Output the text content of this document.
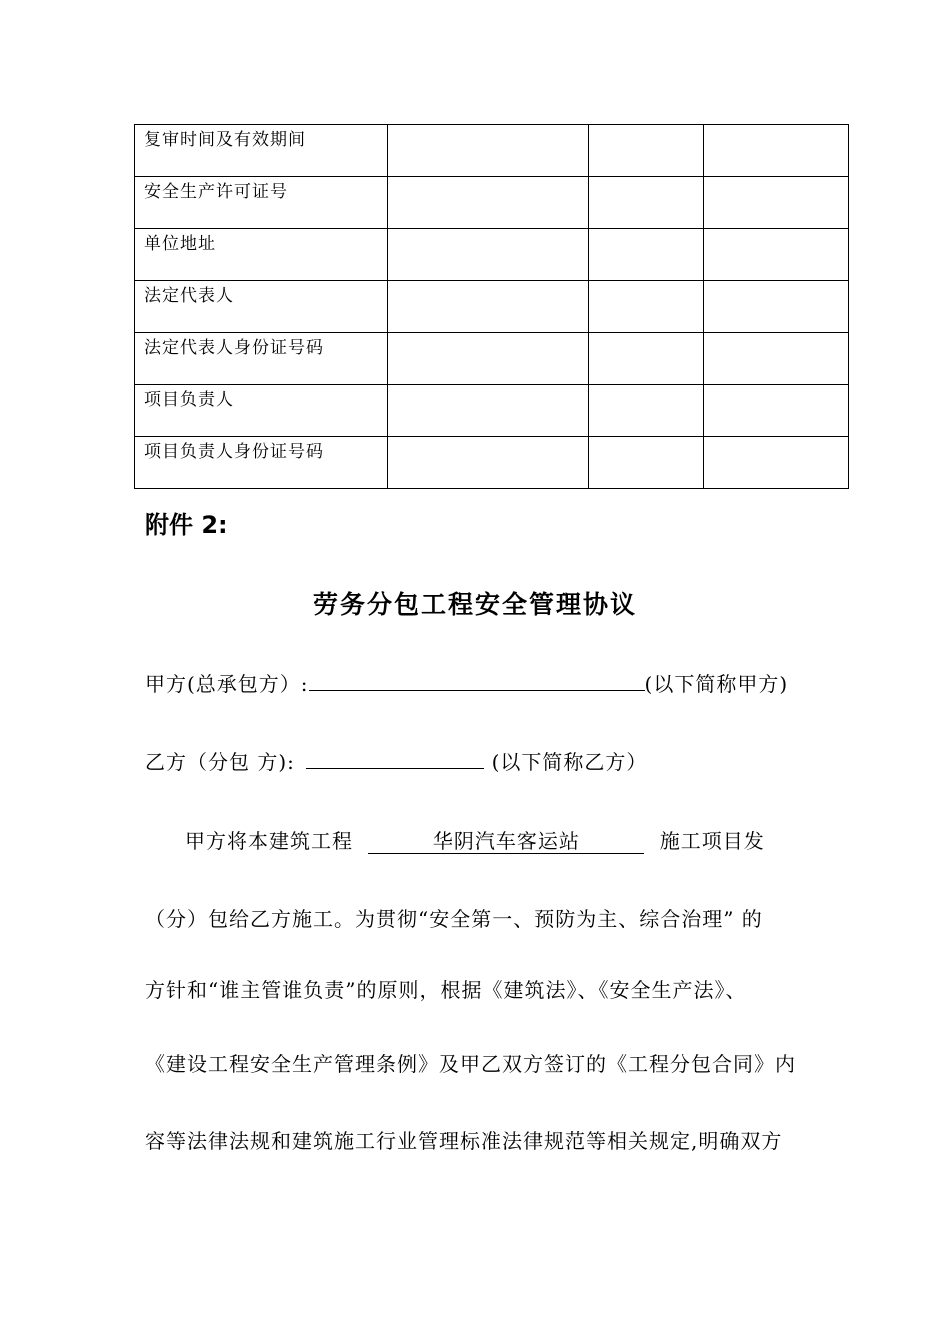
复审时间及有效期间			
安全生产许可证号			
单位地址			
法定代表人			
法定代表人身份证号码			
项目负责人			
项目负责人身份证号码			
附件 2:
劳务分包工程安全管理协议
甲方(总承包方）:	(以下简称甲方)
乙方（分包 方):	(以下简称乙方）
甲方将本建筑工程	华阴汽车客运站	施工项目发
（分）包给乙方施工。为贯彻“安全第一、预防为主、综合治理” 的
方针和“谁主管谁负责”的原则，根据《建筑法》、《安全生产法》、
《建设工程安全生产管理条例》及甲乙双方签订的《工程分包合同》内
容等法律法规和建筑施工行业管理标准法律规范等相关规定,明确双方
